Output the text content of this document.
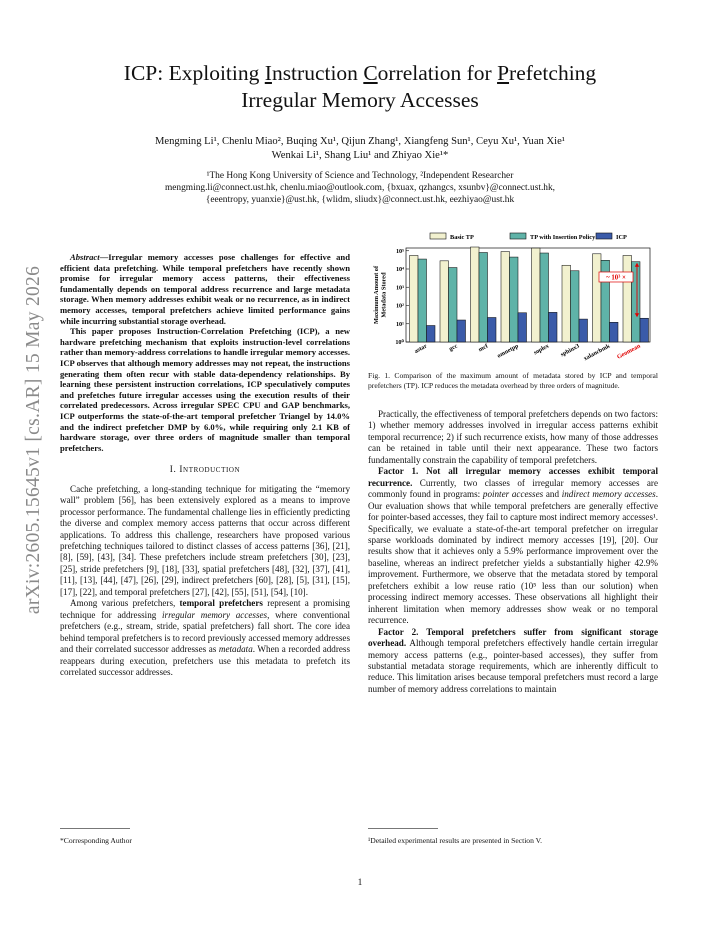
arXiv:2605.15645v1 [cs.AR] 15 May 2026
ICP: Exploiting Instruction Correlation for Prefetching
Irregular Memory Accesses
Mengming Li¹, Chenlu Miao², Buqing Xu¹, Qijun Zhang¹, Xiangfeng Sun¹, Ceyu Xu¹, Yuan Xie¹
Wenkai Li¹, Shang Liu¹ and Zhiyao Xie¹*
¹The Hong Kong University of Science and Technology, ²Independent Researcher
mengming.li@connect.ust.hk, chenlu.miao@outlook.com, {bxuax, qzhangcs, xsunbv}@connect.ust.hk,
{eeentropy, yuanxie}@ust.hk, {wlidm, sliudx}@connect.ust.hk, eezhiyao@ust.hk

Abstract—Irregular memory accesses pose challenges for effective and efficient data prefetching. While temporal prefetchers have recently shown promise for irregular memory access patterns, their effectiveness fundamentally depends on temporal address recurrence and large metadata storage. When memory addresses exhibit weak or no recurrence, as in indirect memory accesses, temporal prefetchers achieve limited performance gains while incurring substantial storage overhead.

This paper proposes Instruction-Correlation Prefetching (ICP), a new hardware prefetching mechanism that exploits instruction-level correlations rather than memory-address correlations to handle irregular memory accesses. ICP observes that although memory addresses may not repeat, the instructions generating them often recur with stable data-dependency relationships. By learning these persistent instruction correlations, ICP speculatively computes and prefetches future irregular accesses using the execution results of their correlated predecessors. Across irregular SPEC CPU and GAP benchmarks, ICP outperforms the state-of-the-art temporal prefetcher Triangel by 14.0% and the indirect prefetcher DMP by 6.0%, while requiring only 2.1 KB of hardware storage, over three orders of magnitude smaller than temporal prefetchers.

I. Introduction

Cache prefetching, a long-standing technique for mitigating the “memory wall” problem [56], has been extensively explored as a means to improve processor performance. The fundamental challenge lies in efficiently predicting the diverse and complex memory access patterns that occur across different applications. To address this challenge, researchers have proposed various prefetching techniques tailored to distinct classes of access patterns [36], [21], [8], [59], [43], [34]. These prefetchers include stream prefetchers [30], [23], [25], stride prefetchers [9], [18], [33], spatial prefetchers [48], [32], [37], [41], [11], [13], [44], [47], [26], [29], indirect prefetchers [60], [28], [5], [31], [15], [17], [22], and temporal prefetchers [27], [42], [55], [51], [54], [10].

Among various prefetchers, temporal prefetchers represent a promising technique for addressing irregular memory accesses, where conventional prefetchers (e.g., stream, stride, spatial prefetchers) fall short. The core idea behind temporal prefetchers is to record previously accessed memory addresses and their correlated successor addresses as metadata. When a recorded address reappears during execution, prefetchers use this metadata to prefetch its correlated successor addresses.

Basic TP	TP with Insertion Policy	ICP
10⁰
10¹
10²
10³
10⁴
10⁵
Maximum Amount of Metadata Stored
astar	gcc	mcf omnetpp soplex sphinx3 xalancbmk Geomean
~ 10³ ×
Fig. 1. Comparison of the maximum amount of metadata stored by ICP and temporal prefetchers (TP). ICP reduces the metadata overhead by three orders of magnitude.

Practically, the effectiveness of temporal prefetchers depends on two factors: 1) whether memory addresses involved in irregular access patterns exhibit temporal recurrence; 2) if such recurrence exists, how many of those addresses can be retained in table until their next appearance. These two factors fundamentally constrain the capability of temporal prefetchers.

Factor 1. Not all irregular memory accesses exhibit temporal recurrence. Currently, two classes of irregular memory accesses are commonly found in programs: pointer accesses and indirect memory accesses. Our evaluation shows that while temporal prefetchers are generally effective for pointer-based accesses, they fail to capture most indirect memory accesses¹. Specifically, we evaluate a state-of-the-art temporal prefetcher on irregular sparse workloads dominated by indirect memory accesses [19], [20]. Our results show that it achieves only a 5.9% performance improvement over the baseline, whereas an indirect prefetcher yields a substantially higher 42.9% improvement. Furthermore, we observe that the metadata stored by temporal prefetchers exhibit a low reuse ratio (10⁵ less than our solution) when processing indirect memory accesses. These observations all highlight their inherent limitation when memory addresses show weak or no temporal recurrence.

Factor 2. Temporal prefetchers suffer from significant storage overhead. Although temporal prefetchers effectively handle certain irregular memory access patterns (e.g., pointer-based accesses), they suffer from substantial metadata storage requirements, which are inherently difficult to reduce. This limitation arises because temporal prefetchers must record a large number of memory address correlations to maintain

*Corresponding Author	¹Detailed experimental results are presented in Section V.
1
